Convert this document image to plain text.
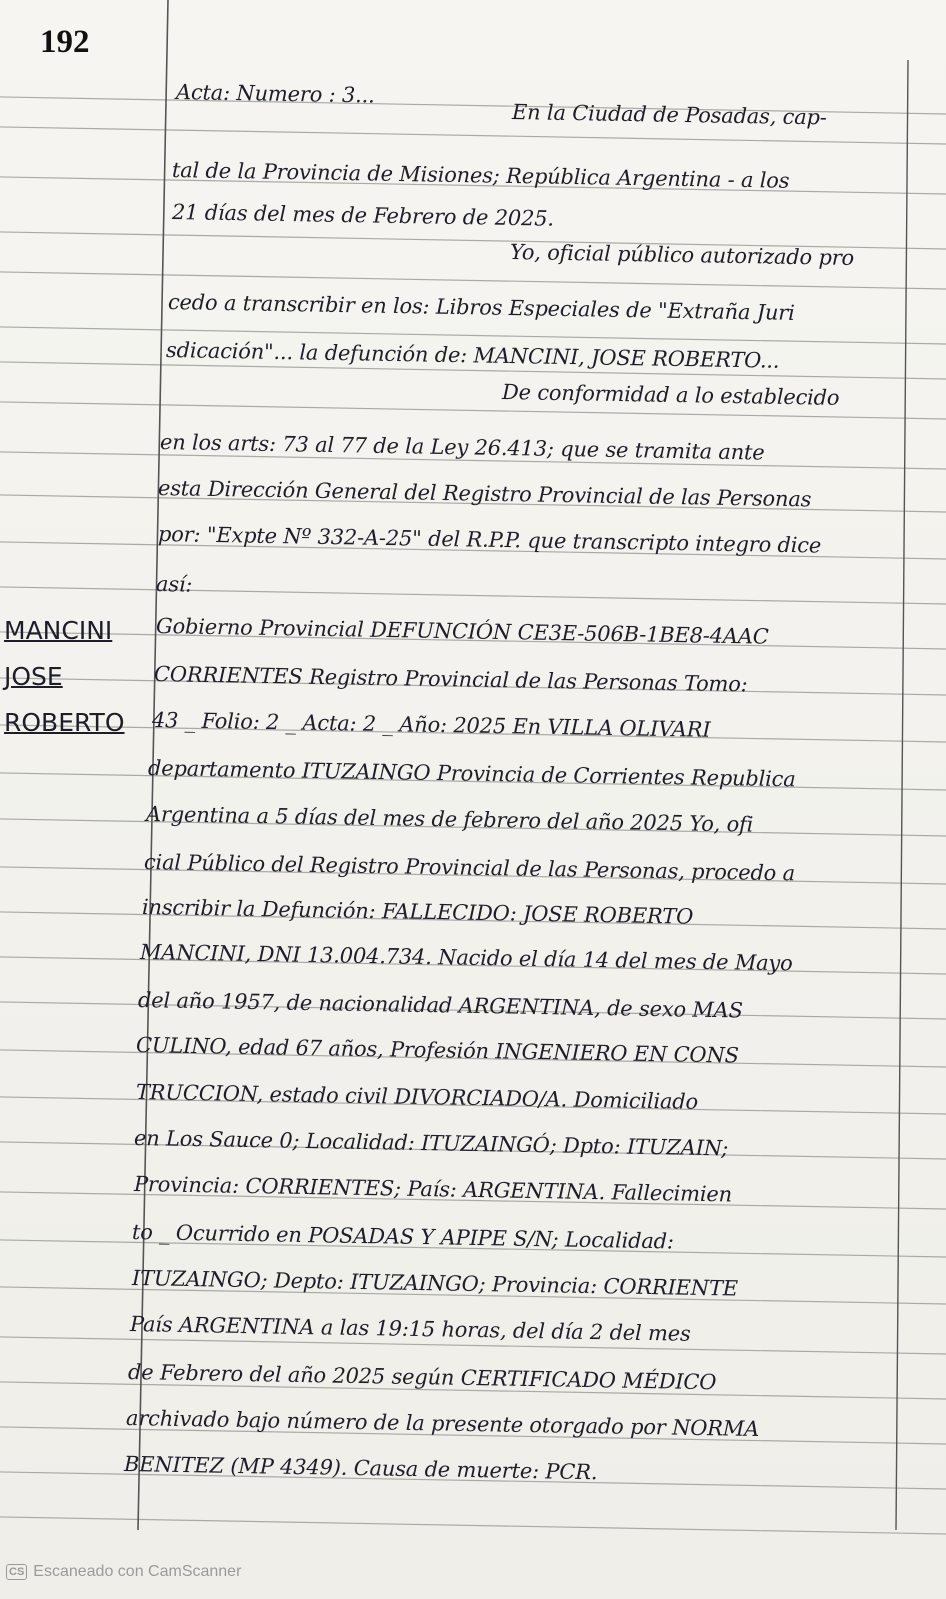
192
MANCINI
JOSE
ROBERTO
Acta: Numero : 3...
En la Ciudad de Posadas, cap-
tal de la Provincia de Misiones; República Argentina - a los
21 días del mes de Febrero de 2025.
Yo, oficial público autorizado pro
cedo a transcribir en los: Libros Especiales de "Extraña Juri
sdicación"... la defunción de: MANCINI, JOSE ROBERTO...
De conformidad a lo establecido
en los arts: 73 al 77 de la Ley 26.413; que se tramita ante
esta Dirección General del Registro Provincial de las Personas
por: "Expte Nº 332-A-25" del R.P.P. que transcripto integro dice
así:
Gobierno Provincial DEFUNCIÓN CE3E-506B-1BE8-4AAC
CORRIENTES Registro Provincial de las Personas Tomo:
43 _ Folio: 2 _ Acta: 2 _ Año: 2025 En VILLA OLIVARI
departamento ITUZAINGO Provincia de Corrientes Republica
Argentina a 5 días del mes de febrero del año 2025 Yo, ofi
cial Público del Registro Provincial de las Personas, procedo a
inscribir la Defunción: FALLECIDO: JOSE ROBERTO
MANCINI, DNI 13.004.734. Nacido el día 14 del mes de Mayo
del año 1957, de nacionalidad ARGENTINA, de sexo MAS
CULINO, edad 67 años, Profesión INGENIERO EN CONS
TRUCCION, estado civil DIVORCIADO/A. Domiciliado
en Los Sauce 0; Localidad: ITUZAINGÓ; Dpto: ITUZAIN;
Provincia: CORRIENTES; País: ARGENTINA. Fallecimien
to _ Ocurrido en POSADAS Y APIPE S/N; Localidad:
ITUZAINGO; Depto: ITUZAINGO; Provincia: CORRIENTE
País ARGENTINA a las 19:15 horas, del día 2 del mes
de Febrero del año 2025 según CERTIFICADO MÉDICO
archivado bajo número de la presente otorgado por NORMA
BENITEZ (MP 4349). Causa de muerte: PCR.
CS Escaneado con CamScanner
